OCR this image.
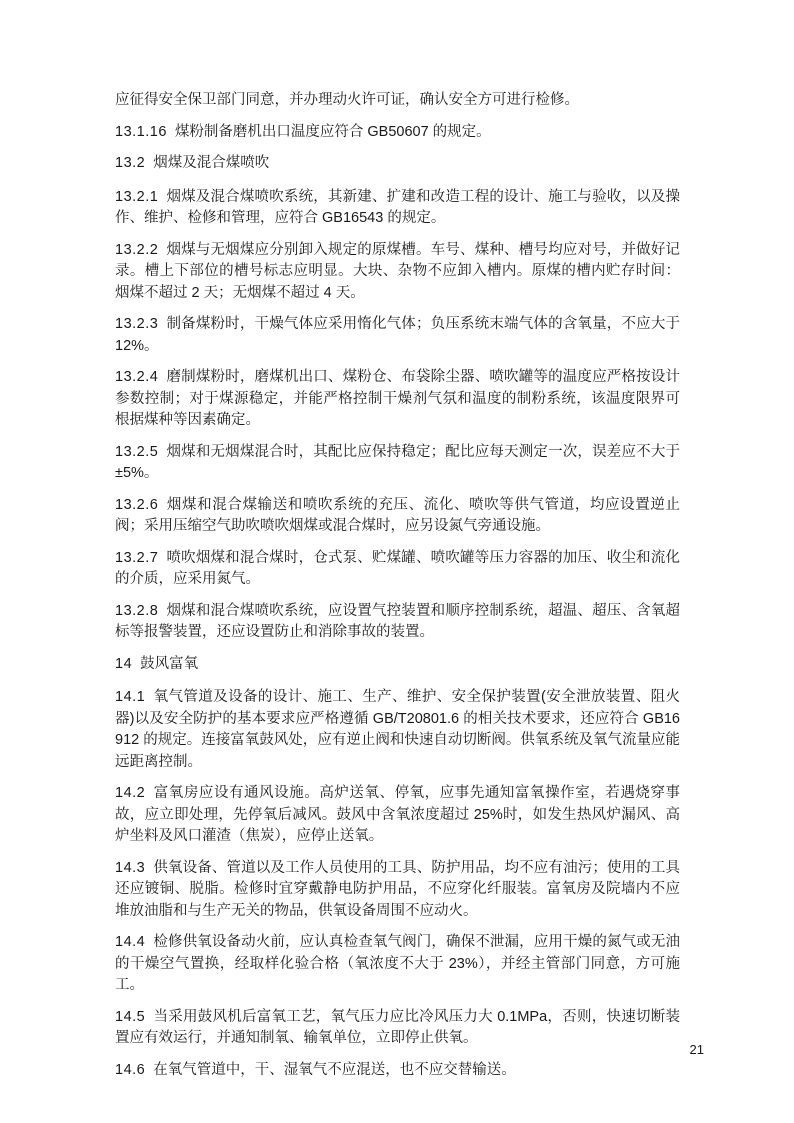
应征得安全保卫部门同意，并办理动火许可证，确认安全方可进行检修。

13.1.16 煤粉制备磨机出口温度应符合 GB50607 的规定。

13.2 烟煤及混合煤喷吹

13.2.1 烟煤及混合煤喷吹系统，其新建、扩建和改造工程的设计、施工与验收，以及操作、维护、检修和管理，应符合 GB16543 的规定。

13.2.2 烟煤与无烟煤应分别卸入规定的原煤槽。车号、煤种、槽号均应对号，并做好记录。槽上下部位的槽号标志应明显。大块、杂物不应卸入槽内。原煤的槽内贮存时间：烟煤不超过 2 天；无烟煤不超过 4 天。

13.2.3 制备煤粉时，干燥气体应采用惰化气体；负压系统末端气体的含氧量，不应大于 12%。

13.2.4 磨制煤粉时，磨煤机出口、煤粉仓、布袋除尘器、喷吹罐等的温度应严格按设计参数控制；对于煤源稳定，并能严格控制干燥剂气氛和温度的制粉系统，该温度限界可根据煤种等因素确定。

13.2.5 烟煤和无烟煤混合时，其配比应保持稳定；配比应每天测定一次，误差应不大于±5%。

13.2.6 烟煤和混合煤输送和喷吹系统的充压、流化、喷吹等供气管道，均应设置逆止阀；采用压缩空气助吹喷吹烟煤或混合煤时，应另设氮气旁通设施。

13.2.7 喷吹烟煤和混合煤时，仓式泵、贮煤罐、喷吹罐等压力容器的加压、收尘和流化的介质，应采用氮气。

13.2.8 烟煤和混合煤喷吹系统，应设置气控装置和顺序控制系统，超温、超压、含氧超标等报警装置，还应设置防止和消除事故的装置。

14 鼓风富氧

14.1 氧气管道及设备的设计、施工、生产、维护、安全保护装置(安全泄放装置、阻火器)以及安全防护的基本要求应严格遵循 GB/T20801.6 的相关技术要求，还应符合 GB16912 的规定。连接富氧鼓风处，应有逆止阀和快速自动切断阀。供氧系统及氧气流量应能远距离控制。

14.2 富氧房应设有通风设施。高炉送氧、停氧，应事先通知富氧操作室，若遇烧穿事故，应立即处理，先停氧后减风。鼓风中含氧浓度超过 25%时，如发生热风炉漏风、高炉坐料及风口灌渣（焦炭），应停止送氧。

14.3 供氧设备、管道以及工作人员使用的工具、防护用品，均不应有油污；使用的工具还应镀铜、脱脂。检修时宜穿戴静电防护用品，不应穿化纤服装。富氧房及院墙内不应堆放油脂和与生产无关的物品，供氧设备周围不应动火。

14.4 检修供氧设备动火前，应认真检查氧气阀门，确保不泄漏，应用干燥的氮气或无油的干燥空气置换，经取样化验合格（氧浓度不大于 23%），并经主管部门同意，方可施工。

14.5 当采用鼓风机后富氧工艺，氧气压力应比冷风压力大 0.1MPa，否则，快速切断装置应有效运行，并通知制氧、输氧单位，立即停止供氧。

14.6 在氧气管道中，干、湿氧气不应混送，也不应交替输送。

21
